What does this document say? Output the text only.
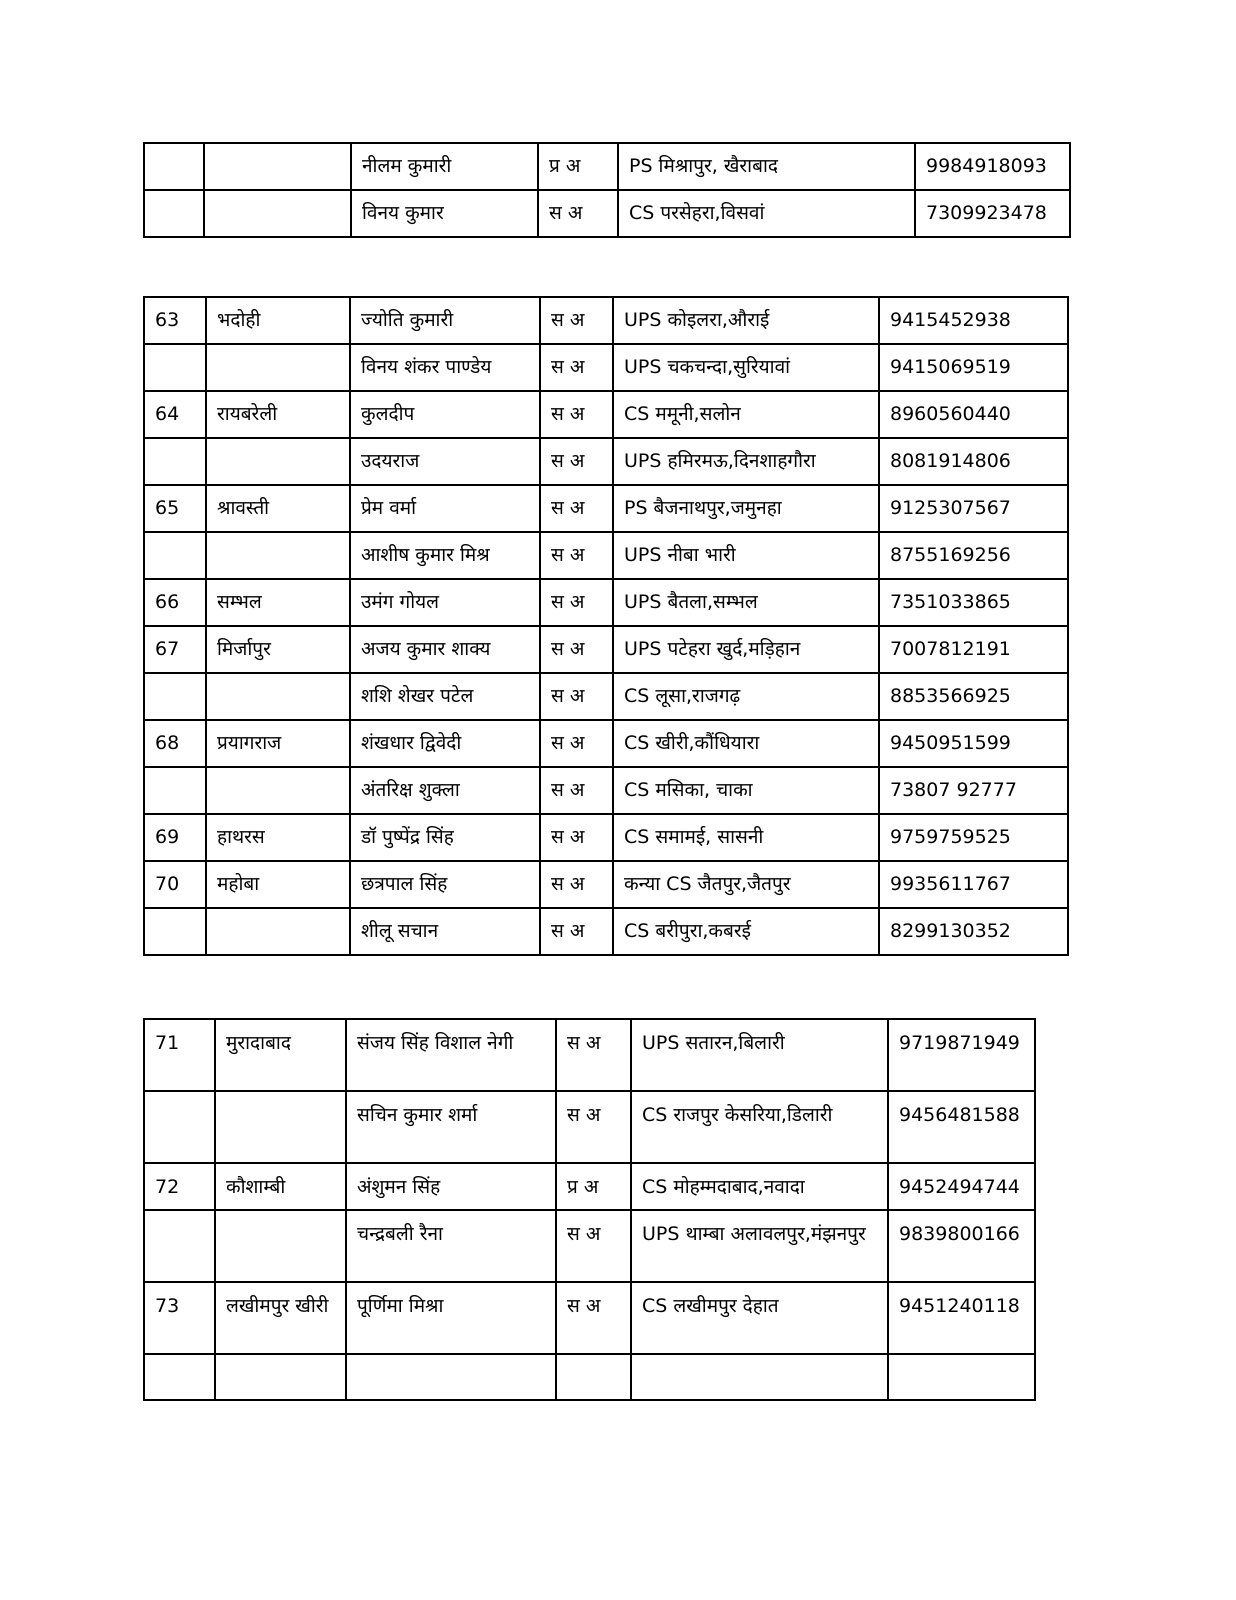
		नीलम कुमारी	प्र अ	PS मिश्रापुर, खैराबाद	9984918093
		विनय कुमार	स अ	CS परसेहरा,विसवां	7309923478
63	भदोही	ज्योति कुमारी	स अ	UPS कोइलरा,औराई	9415452938
		विनय शंकर पाण्डेय	स अ	UPS चकचन्दा,सुरियावां	9415069519
64	रायबरेली	कुलदीप	स अ	CS ममूनी,सलोन	8960560440
		उदयराज	स अ	UPS हमिरमऊ,दिनशाहगौरा	8081914806
65	श्रावस्ती	प्रेम वर्मा	स अ	PS बैजनाथपुर,जमुनहा	9125307567
		आशीष कुमार मिश्र	स अ	UPS नीबा भारी	8755169256
66	सम्भल	उमंग गोयल	स अ	UPS बैतला,सम्भल	7351033865
67	मिर्जापुर	अजय कुमार शाक्य	स अ	UPS पटेहरा खुर्द,मड़िहान	7007812191
		शशि शेखर पटेल	स अ	CS लूसा,राजगढ़	8853566925
68	प्रयागराज	शंखधार द्विवेदी	स अ	CS खीरी,कौंधियारा	9450951599
		अंतरिक्ष शुक्ला	स अ	CS मसिका, चाका	73807 92777
69	हाथरस	डॉ पुष्पेंद्र सिंह	स अ	CS समामई, सासनी	9759759525
70	महोबा	छत्रपाल सिंह	स अ	कन्या CS जैतपुर,जैतपुर	9935611767
		शीलू सचान	स अ	CS बरीपुरा,कबरई	8299130352
71	मुरादाबाद	संजय सिंह विशाल नेगी	स अ	UPS सतारन,बिलारी	9719871949
		सचिन कुमार शर्मा	स अ	CS राजपुर केसरिया,डिलारी	9456481588
72	कौशाम्बी	अंशुमन सिंह	प्र अ	CS मोहम्मदाबाद,नवादा	9452494744
		चन्द्रबली रैना	स अ	UPS थाम्बा अलावलपुर,मंझनपुर	9839800166
73	लखीमपुर खीरी	पूर्णिमा मिश्रा	स अ	CS लखीमपुर देहात	9451240118
